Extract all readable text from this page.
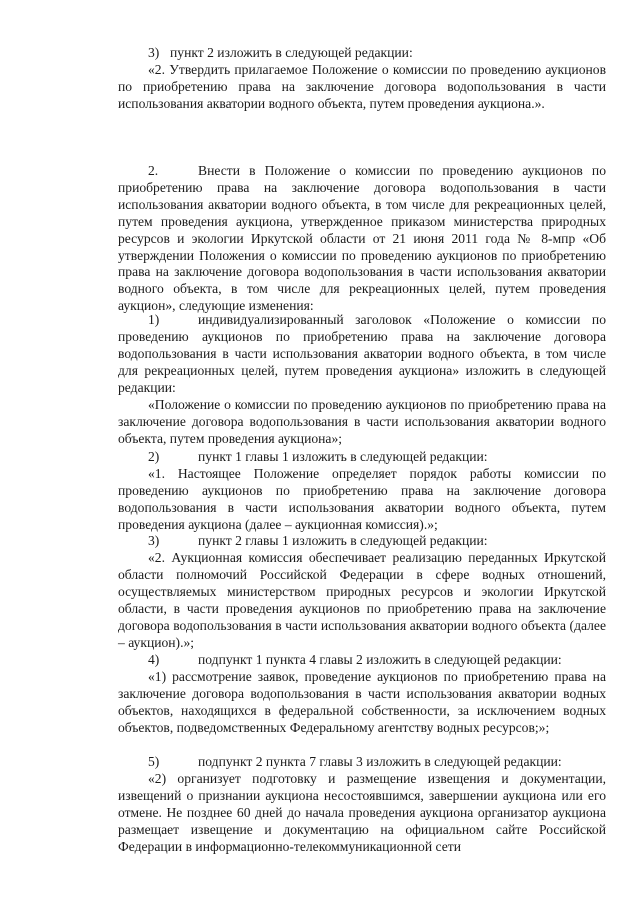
3) пункт 2 изложить в следующей редакции:

«2. Утвердить прилагаемое Положение о комиссии по проведению аукционов по приобретению права на заключение договора водопользования в части использования акватории водного объекта, путем проведения аукциона.».

2.	Внести в Положение о комиссии по проведению аукционов по приобретению права на заключение договора водопользования в части использования акватории водного объекта, в том числе для рекреационных целей, путем проведения аукциона, утвержденное приказом министерства природных ресурсов и экологии Иркутской области от 21 июня 2011 года № 8-мпр «Об утверждении Положения о комиссии по проведению аукционов по приобретению права на заключение договора водопользования в части использования акватории водного объекта, в том числе для рекреационных целей, путем проведения аукцион», следующие изменения:
1)	индивидуализированный заголовок «Положение о комиссии по проведению аукционов по приобретению права на заключение договора водопользования в части использования акватории водного объекта, в том числе для рекреационных целей, путем проведения аукциона» изложить в следующей редакции:

«Положение о комиссии по проведению аукционов по приобретению права на заключение договора водопользования в части использования акватории водного объекта, путем проведения аукциона»;

2)	пункт 1 главы 1 изложить в следующей редакции:

«1. Настоящее Положение определяет порядок работы комиссии по проведению аукционов по приобретению права на заключение договора водопользования в части использования акватории водного объекта, путем проведения аукциона (далее – аукционная комиссия).»;

3)	пункт 2 главы 1 изложить в следующей редакции:

«2. Аукционная комиссия обеспечивает реализацию переданных Иркутской области полномочий Российской Федерации в сфере водных отношений, осуществляемых министерством природных ресурсов и экологии Иркутской области, в части проведения аукционов по приобретению права на заключение договора водопользования в части использования акватории водного объекта (далее – аукцион).»;

4)	подпункт 1 пункта 4 главы 2 изложить в следующей редакции:

«1) рассмотрение заявок, проведение аукционов по приобретению права на заключение договора водопользования в части использования акватории водных объектов, находящихся в федеральной собственности, за исключением водных объектов, подведомственных Федеральному агентству водных ресурсов;»;

5)	подпункт 2 пункта 7 главы 3 изложить в следующей редакции:

«2) организует подготовку и размещение извещения и документации, извещений о признании аукциона несостоявшимся, завершении аукциона или его отмене. Не позднее 60 дней до начала проведения аукциона организатор аукциона размещает извещение и документацию на официальном сайте Российской Федерации в информационно-телекоммуникационной сети
